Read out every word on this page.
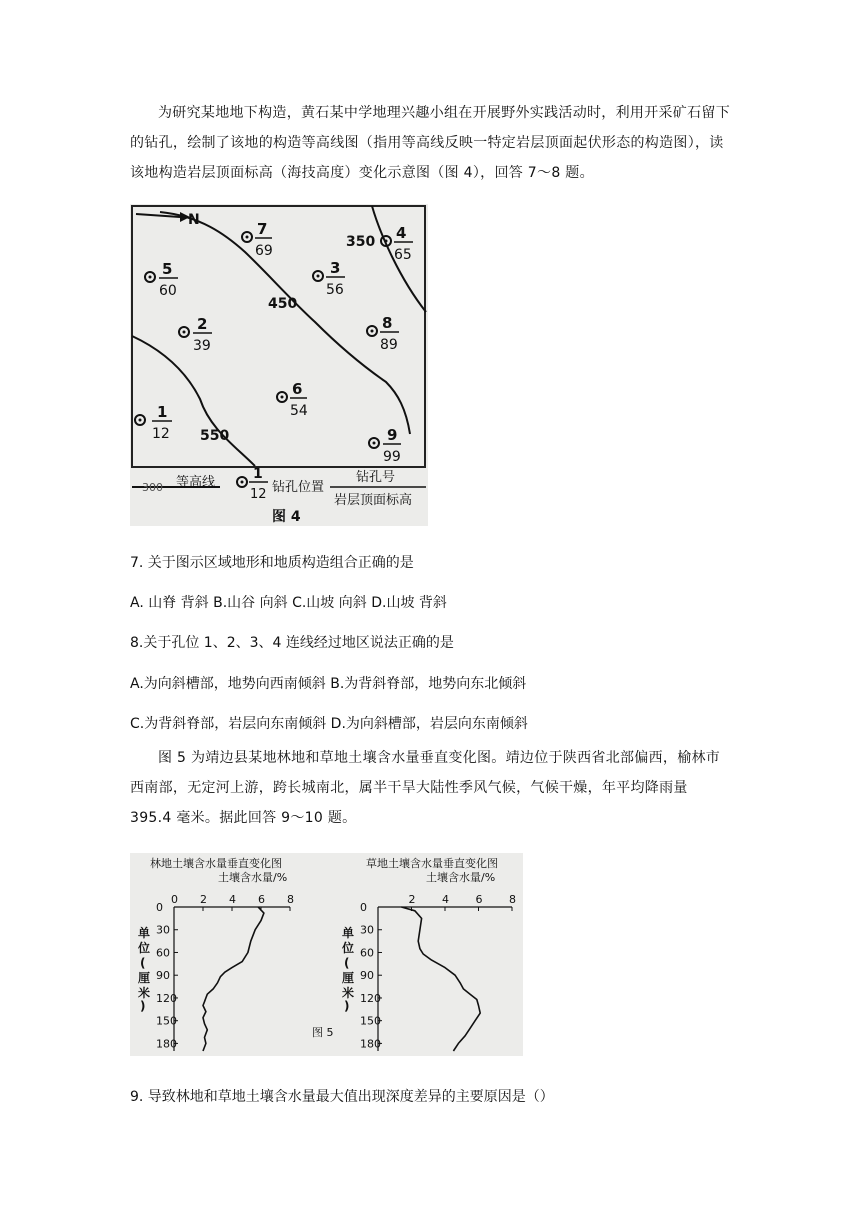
为研究某地地下构造，黄石某中学地理兴趣小组在开展野外实践活动时，利用开采矿石留下的钻孔，绘制了该地的构造等高线图（指用等高线反映一特定岩层顶面起伏形态的构造图），读该地构造岩层顶面标高（海技高度）变化示意图（图 4），回答 7～8 题。

N
350
450
550
7
69
4
65
5
60
3
56
2
39
8
89
6
54
1
12	9
99
300 等高线
1
12 钻孔位置
钻孔号
岩层顶面标高
图 4
7. 关于图示区域地形和地质构造组合正确的是
A. 山脊 背斜 B.山谷 向斜 C.山坡 向斜 D.山坡 背斜
8.关于孔位 1、2、3、4 连线经过地区说法正确的是
A.为向斜槽部，地势向西南倾斜 B.为背斜脊部，地势向东北倾斜
C.为背斜脊部，岩层向东南倾斜 D.为向斜槽部，岩层向东南倾斜

图 5 为靖边县某地林地和草地土壤含水量垂直变化图。靖边位于陕西省北部偏西，榆林市西南部，无定河上游，跨长城南北，属半干旱大陆性季风气候，气候干燥，年平均降雨量 395.4 毫米。据此回答 9～10 题。

林地土壤含水量垂直变化图
土壤含水量/%
0 2 4 6 8
0
30
60
90
120
150
180
单
位
(
厘
米
)
图 5
草地土壤含水量垂直变化图
土壤含水量/%
2 4 6 8
0
30
60
90
120
150
180
单
位
(
厘
米
)
9. 导致林地和草地土壤含水量最大值出现深度差异的主要原因是（）
